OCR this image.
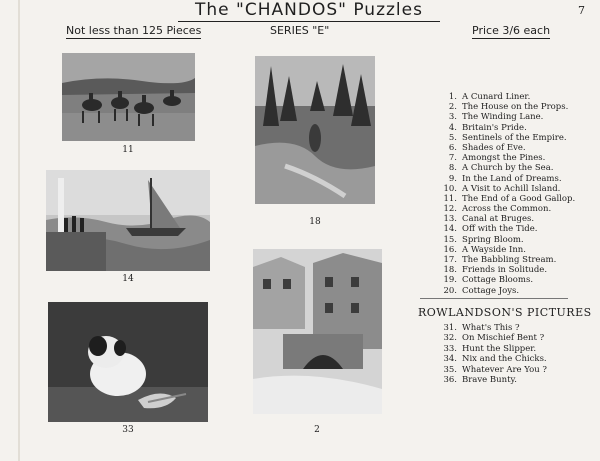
The "CHANDOS" Puzzles	7
Not less than 125 Pieces	SERIES "E"	Price 3/6 each
11
18
14
2
33
1. A Cunard Liner.
2. The House on the Props.
3. The Winding Lane.
4. Britain's Pride.
5. Sentinels of the Empire.
6. Shades of Eve.
7. Amongst the Pines.
8. A Church by the Sea.
9. In the Land of Dreams.
10. A Visit to Achill Island.
11. The End of a Good Gallop.
12. Across the Common.
13. Canal at Bruges.
14. Off with the Tide.
15. Spring Bloom.
16. A Wayside Inn.
17. The Babbling Stream.
18. Friends in Solitude.
19. Cottage Blooms.
20. Cottage Joys.
ROWLANDSON'S PICTURES
31. What's This ?
32. On Mischief Bent ?
33. Hunt the Slipper.
34. Nix and the Chicks.
35. Whatever Are You ?
36. Brave Bunty.
